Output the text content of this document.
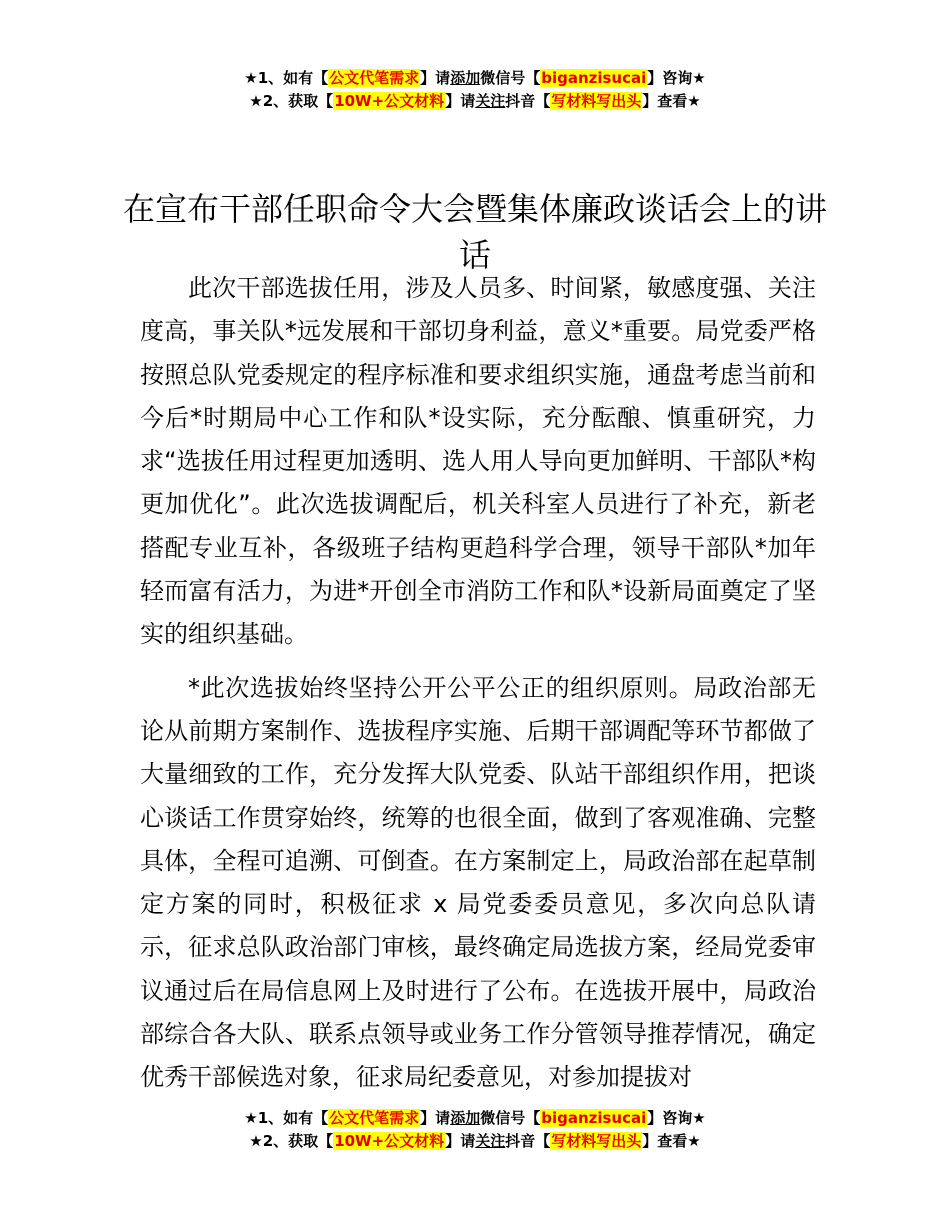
★1、如有【公文代笔需求】请添加微信号【biganzisucai】咨询★
★2、获取【10W+公文材料】请关注抖音【写材料写出头】查看★
在宣布干部任职命令大会暨集体廉政谈话会上的讲话

此次干部选拔任用，涉及人员多、时间紧，敏感度强、关注度高，事关队*远发展和干部切身利益，意义*重要。局党委严格按照总队党委规定的程序标准和要求组织实施，通盘考虑当前和今后*时期局中心工作和队*设实际，充分酝酿、慎重研究，力求“选拔任用过程更加透明、选人用人导向更加鲜明、干部队*构更加优化”。此次选拔调配后，机关科室人员进行了补充，新老搭配专业互补，各级班子结构更趋科学合理，领导干部队*加年轻而富有活力，为进*开创全市消防工作和队*设新局面奠定了坚实的组织基础。

*此次选拔始终坚持公开公平公正的组织原则。局政治部无论从前期方案制作、选拔程序实施、后期干部调配等环节都做了大量细致的工作，充分发挥大队党委、队站干部组织作用，把谈心谈话工作贯穿始终，统筹的也很全面，做到了客观准确、完整具体，全程可追溯、可倒查。在方案制定上，局政治部在起草制定方案的同时，积极征求 x 局党委委员意见，多次向总队请示，征求总队政治部门审核，最终确定局选拔方案，经局党委审议通过后在局信息网上及时进行了公布。在选拔开展中，局政治部综合各大队、联系点领导或业务工作分管领导推荐情况，确定优秀干部候选对象，征求局纪委意见，对参加提拔对

★1、如有【公文代笔需求】请添加微信号【biganzisucai】咨询★
★2、获取【10W+公文材料】请关注抖音【写材料写出头】查看★
